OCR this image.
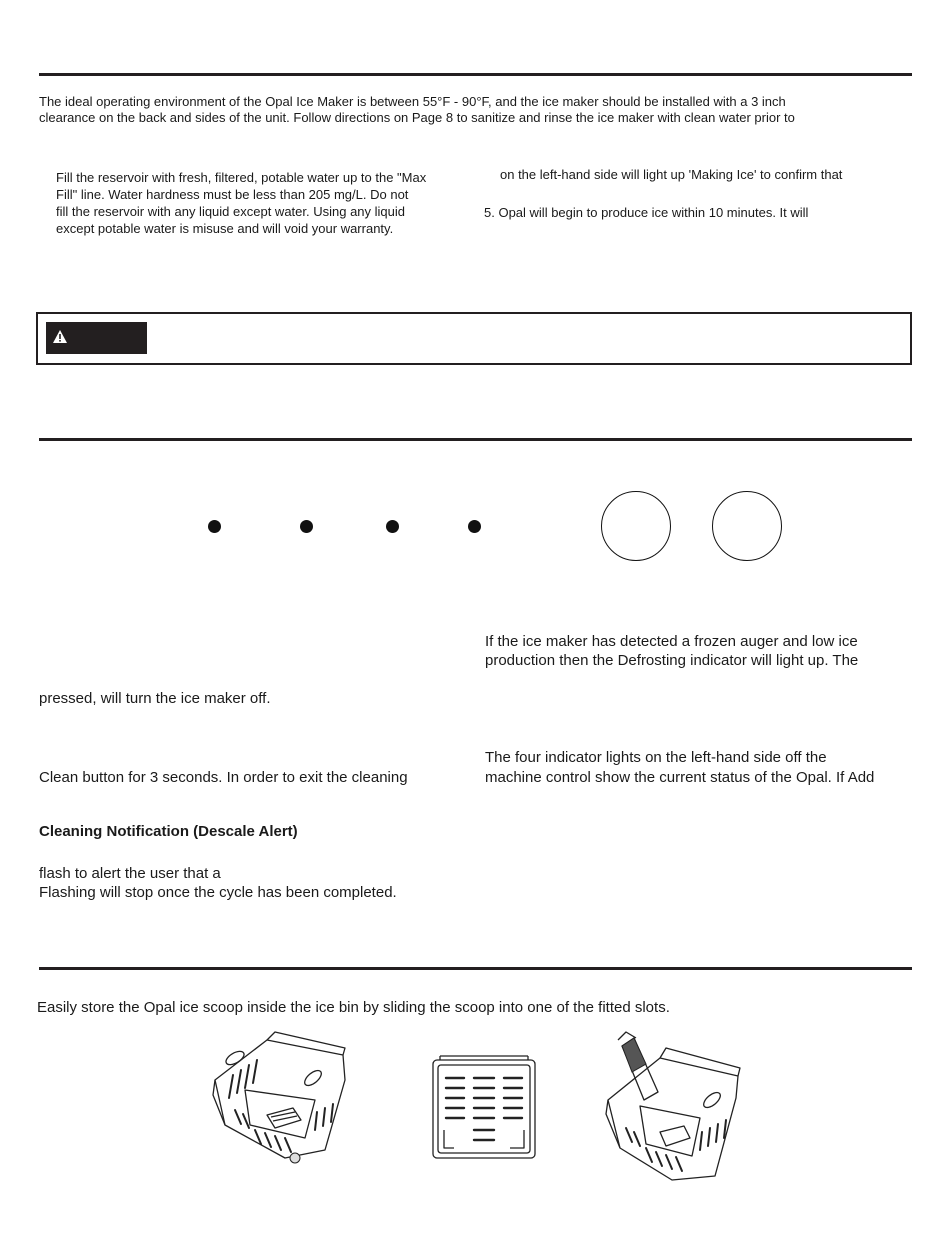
The ideal operating environment of the Opal Ice Maker is between 55°F - 90°F, and the ice maker should be installed with a 3 inch
clearance on the back and sides of the unit. Follow directions on Page 8 to sanitize and rinse the ice maker with clean water prior to
Fill the reservoir with fresh, filtered, potable water up to the "Max
Fill" line. Water hardness must be less than 205 mg/L. Do not
fill the reservoir with any liquid except water. Using any liquid
except potable water is misuse and will void your warranty.
on the left-hand side will light up 'Making Ice' to confirm that
5. Opal will begin to produce ice within 10 minutes. It will
pressed, will turn the ice maker off.
Clean button for 3 seconds. In order to exit the cleaning
Cleaning Notification (Descale Alert)
flash to alert the user that a
Flashing will stop once the cycle has been completed.
If the ice maker has detected a frozen auger and low ice
production then the Defrosting indicator will light up. The
The four indicator lights on the left-hand side off the
machine control show the current status of the Opal. If Add
Easily store the Opal ice scoop inside the ice bin by sliding the scoop into one of the fitted slots.
